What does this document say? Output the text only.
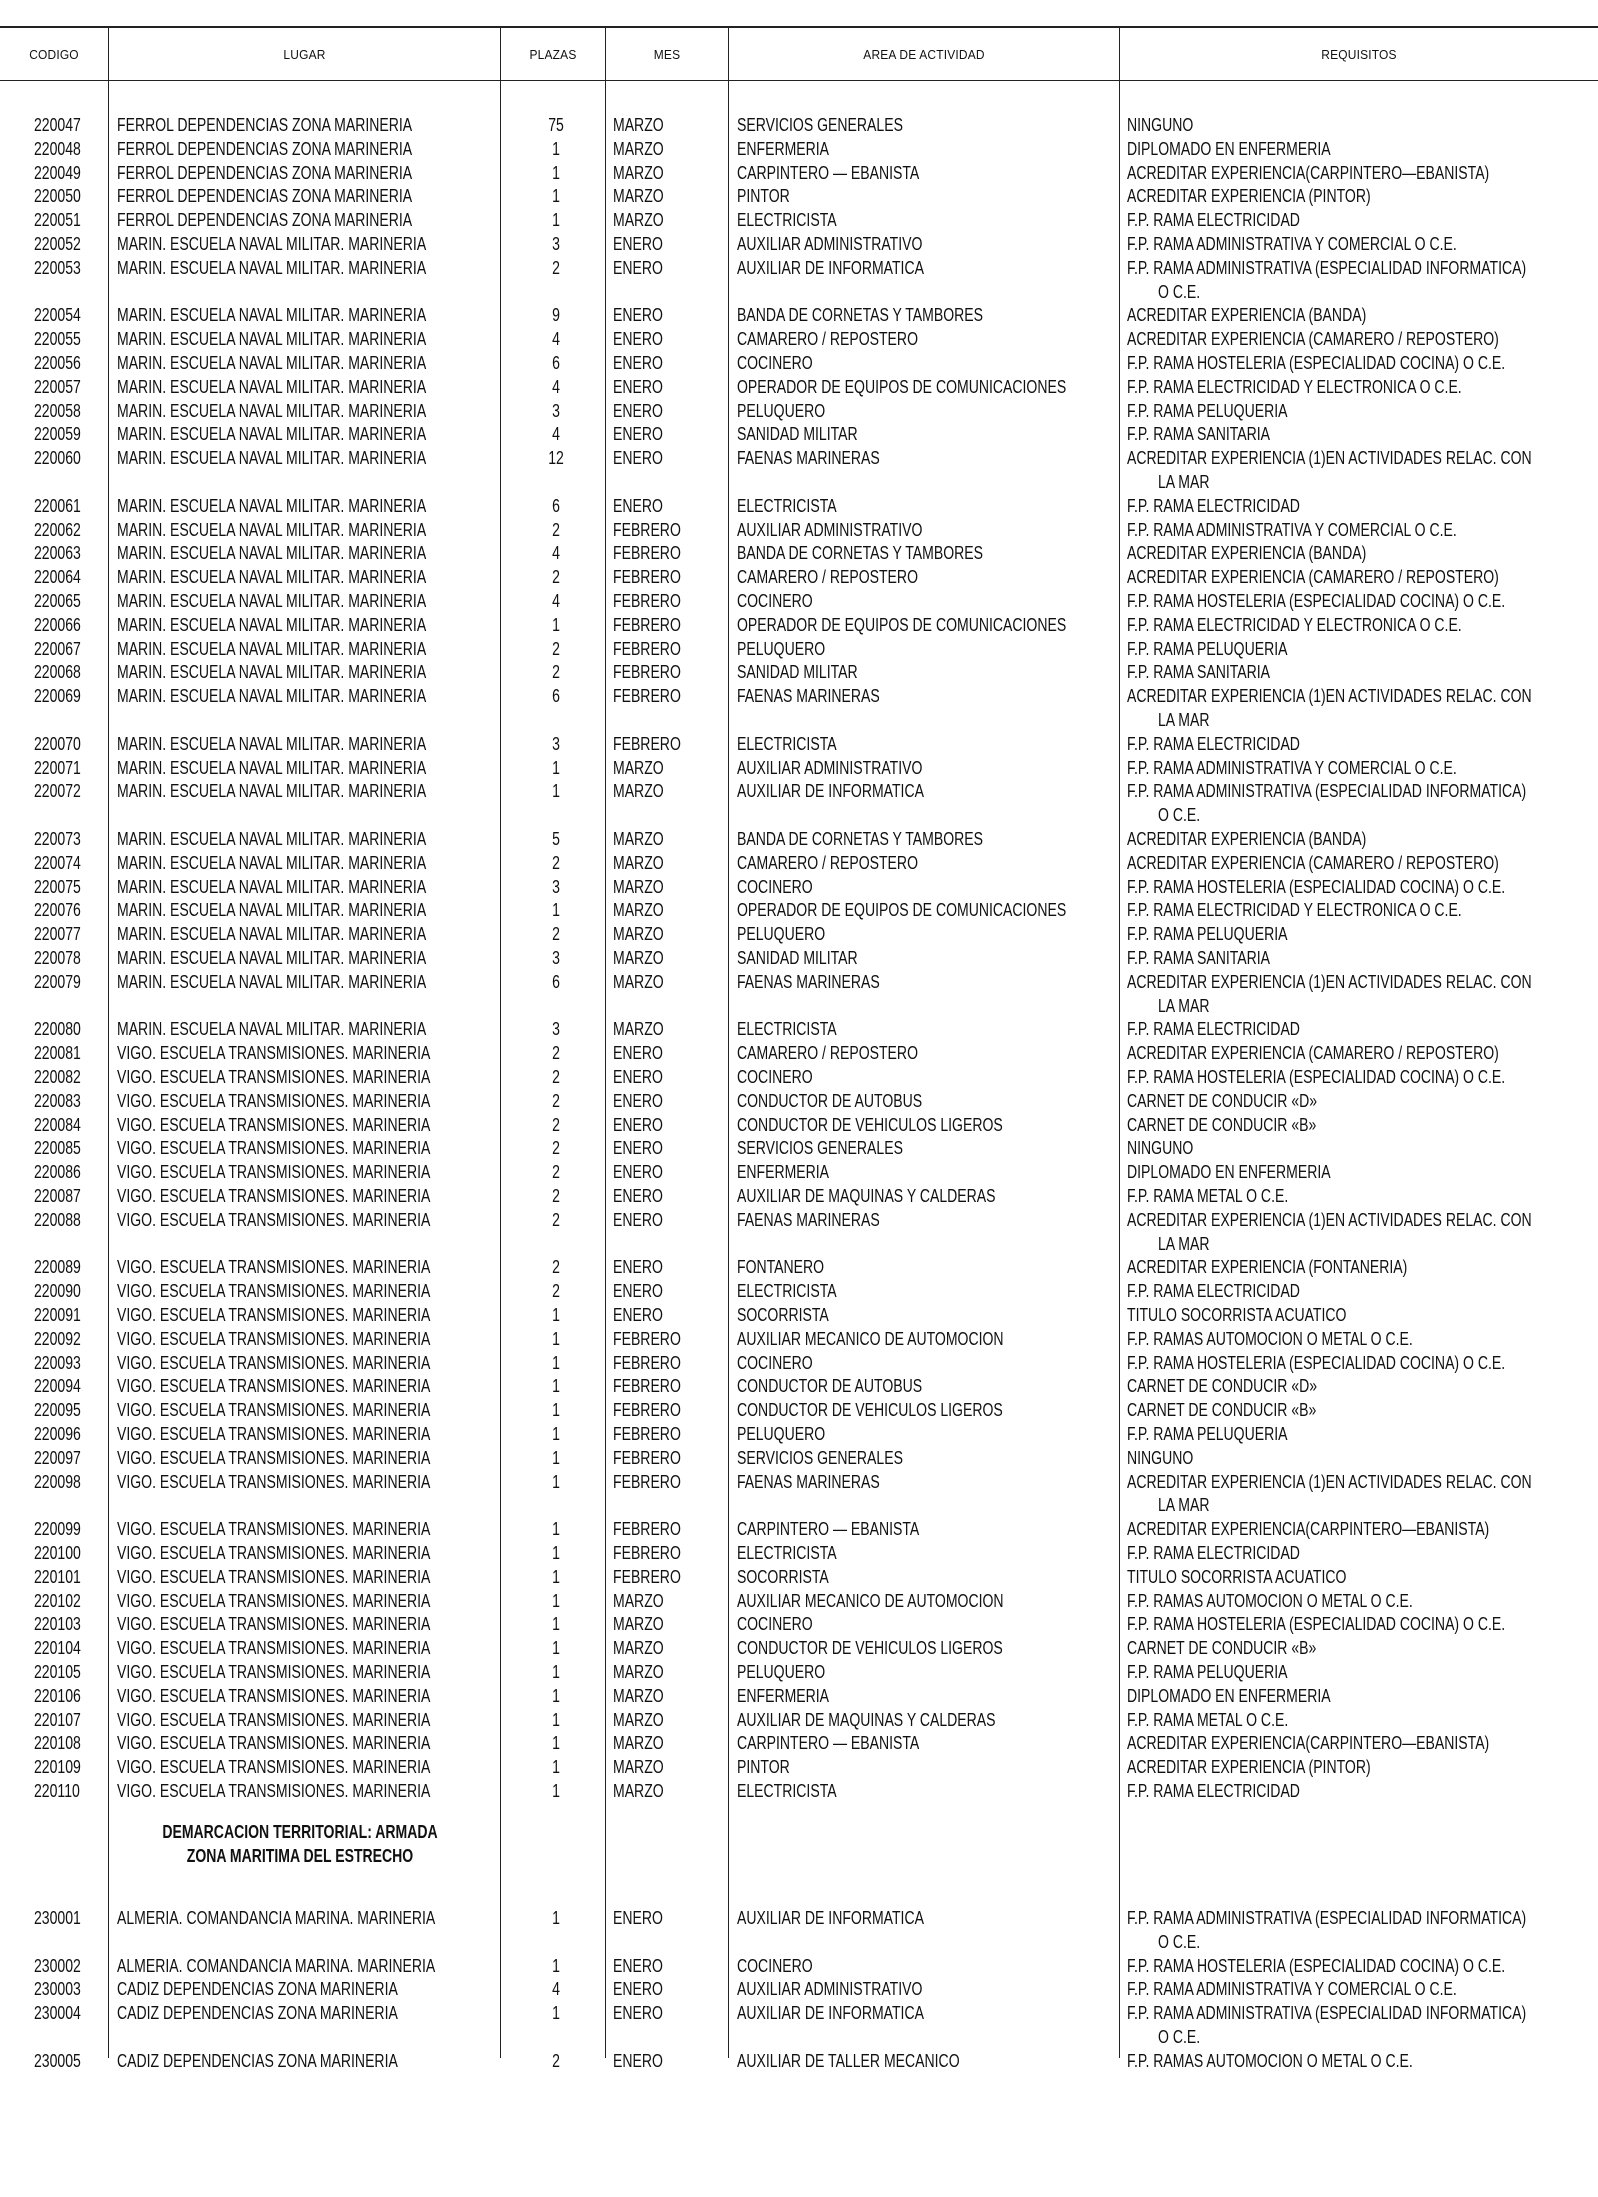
CODIGO	LUGAR	PLAZAS	MES	AREA DE ACTIVIDAD	REQUISITOS
220047	FERROL DEPENDENCIAS ZONA MARINERIA	75	MARZO	SERVICIOS GENERALES	NINGUNO
220048	FERROL DEPENDENCIAS ZONA MARINERIA	1	MARZO	ENFERMERIA	DIPLOMADO EN ENFERMERIA
220049	FERROL DEPENDENCIAS ZONA MARINERIA	1	MARZO	CARPINTERO — EBANISTA	ACREDITAR EXPERIENCIA(CARPINTERO—EBANISTA)
220050	FERROL DEPENDENCIAS ZONA MARINERIA	1	MARZO	PINTOR	ACREDITAR EXPERIENCIA (PINTOR)
220051	FERROL DEPENDENCIAS ZONA MARINERIA	1	MARZO	ELECTRICISTA	F.P. RAMA ELECTRICIDAD
220052	MARIN. ESCUELA NAVAL MILITAR. MARINERIA	3	ENERO	AUXILIAR ADMINISTRATIVO	F.P. RAMA ADMINISTRATIVA Y COMERCIAL O C.E.
220053	MARIN. ESCUELA NAVAL MILITAR. MARINERIA	2	ENERO	AUXILIAR DE INFORMATICA	F.P. RAMA ADMINISTRATIVA (ESPECIALIDAD INFORMATICA)
O C.E.
220054	MARIN. ESCUELA NAVAL MILITAR. MARINERIA	9	ENERO	BANDA DE CORNETAS Y TAMBORES	ACREDITAR EXPERIENCIA (BANDA)
220055	MARIN. ESCUELA NAVAL MILITAR. MARINERIA	4	ENERO	CAMARERO / REPOSTERO	ACREDITAR EXPERIENCIA (CAMARERO / REPOSTERO)
220056	MARIN. ESCUELA NAVAL MILITAR. MARINERIA	6	ENERO	COCINERO	F.P. RAMA HOSTELERIA (ESPECIALIDAD COCINA) O C.E.
220057	MARIN. ESCUELA NAVAL MILITAR. MARINERIA	4	ENERO	OPERADOR DE EQUIPOS DE COMUNICACIONES	F.P. RAMA ELECTRICIDAD Y ELECTRONICA O C.E.
220058	MARIN. ESCUELA NAVAL MILITAR. MARINERIA	3	ENERO	PELUQUERO	F.P. RAMA PELUQUERIA
220059	MARIN. ESCUELA NAVAL MILITAR. MARINERIA	4	ENERO	SANIDAD MILITAR	F.P. RAMA SANITARIA
220060	MARIN. ESCUELA NAVAL MILITAR. MARINERIA	12	ENERO	FAENAS MARINERAS	ACREDITAR EXPERIENCIA (1)EN ACTIVIDADES RELAC. CON
LA MAR
220061	MARIN. ESCUELA NAVAL MILITAR. MARINERIA	6	ENERO	ELECTRICISTA	F.P. RAMA ELECTRICIDAD
220062	MARIN. ESCUELA NAVAL MILITAR. MARINERIA	2	FEBRERO	AUXILIAR ADMINISTRATIVO	F.P. RAMA ADMINISTRATIVA Y COMERCIAL O C.E.
220063	MARIN. ESCUELA NAVAL MILITAR. MARINERIA	4	FEBRERO	BANDA DE CORNETAS Y TAMBORES	ACREDITAR EXPERIENCIA (BANDA)
220064	MARIN. ESCUELA NAVAL MILITAR. MARINERIA	2	FEBRERO	CAMARERO / REPOSTERO	ACREDITAR EXPERIENCIA (CAMARERO / REPOSTERO)
220065	MARIN. ESCUELA NAVAL MILITAR. MARINERIA	4	FEBRERO	COCINERO	F.P. RAMA HOSTELERIA (ESPECIALIDAD COCINA) O C.E.
220066	MARIN. ESCUELA NAVAL MILITAR. MARINERIA	1	FEBRERO	OPERADOR DE EQUIPOS DE COMUNICACIONES	F.P. RAMA ELECTRICIDAD Y ELECTRONICA O C.E.
220067	MARIN. ESCUELA NAVAL MILITAR. MARINERIA	2	FEBRERO	PELUQUERO	F.P. RAMA PELUQUERIA
220068	MARIN. ESCUELA NAVAL MILITAR. MARINERIA	2	FEBRERO	SANIDAD MILITAR	F.P. RAMA SANITARIA
220069	MARIN. ESCUELA NAVAL MILITAR. MARINERIA	6	FEBRERO	FAENAS MARINERAS	ACREDITAR EXPERIENCIA (1)EN ACTIVIDADES RELAC. CON
LA MAR
220070	MARIN. ESCUELA NAVAL MILITAR. MARINERIA	3	FEBRERO	ELECTRICISTA	F.P. RAMA ELECTRICIDAD
220071	MARIN. ESCUELA NAVAL MILITAR. MARINERIA	1	MARZO	AUXILIAR ADMINISTRATIVO	F.P. RAMA ADMINISTRATIVA Y COMERCIAL O C.E.
220072	MARIN. ESCUELA NAVAL MILITAR. MARINERIA	1	MARZO	AUXILIAR DE INFORMATICA	F.P. RAMA ADMINISTRATIVA (ESPECIALIDAD INFORMATICA)
O C.E.
220073	MARIN. ESCUELA NAVAL MILITAR. MARINERIA	5	MARZO	BANDA DE CORNETAS Y TAMBORES	ACREDITAR EXPERIENCIA (BANDA)
220074	MARIN. ESCUELA NAVAL MILITAR. MARINERIA	2	MARZO	CAMARERO / REPOSTERO	ACREDITAR EXPERIENCIA (CAMARERO / REPOSTERO)
220075	MARIN. ESCUELA NAVAL MILITAR. MARINERIA	3	MARZO	COCINERO	F.P. RAMA HOSTELERIA (ESPECIALIDAD COCINA) O C.E.
220076	MARIN. ESCUELA NAVAL MILITAR. MARINERIA	1	MARZO	OPERADOR DE EQUIPOS DE COMUNICACIONES	F.P. RAMA ELECTRICIDAD Y ELECTRONICA O C.E.
220077	MARIN. ESCUELA NAVAL MILITAR. MARINERIA	2	MARZO	PELUQUERO	F.P. RAMA PELUQUERIA
220078	MARIN. ESCUELA NAVAL MILITAR. MARINERIA	3	MARZO	SANIDAD MILITAR	F.P. RAMA SANITARIA
220079	MARIN. ESCUELA NAVAL MILITAR. MARINERIA	6	MARZO	FAENAS MARINERAS	ACREDITAR EXPERIENCIA (1)EN ACTIVIDADES RELAC. CON
LA MAR
220080	MARIN. ESCUELA NAVAL MILITAR. MARINERIA	3	MARZO	ELECTRICISTA	F.P. RAMA ELECTRICIDAD
220081	VIGO. ESCUELA TRANSMISIONES. MARINERIA	2	ENERO	CAMARERO / REPOSTERO	ACREDITAR EXPERIENCIA (CAMARERO / REPOSTERO)
220082	VIGO. ESCUELA TRANSMISIONES. MARINERIA	2	ENERO	COCINERO	F.P. RAMA HOSTELERIA (ESPECIALIDAD COCINA) O C.E.
220083	VIGO. ESCUELA TRANSMISIONES. MARINERIA	2	ENERO	CONDUCTOR DE AUTOBUS	CARNET DE CONDUCIR «D»
220084	VIGO. ESCUELA TRANSMISIONES. MARINERIA	2	ENERO	CONDUCTOR DE VEHICULOS LIGEROS	CARNET DE CONDUCIR «B»
220085	VIGO. ESCUELA TRANSMISIONES. MARINERIA	2	ENERO	SERVICIOS GENERALES	NINGUNO
220086	VIGO. ESCUELA TRANSMISIONES. MARINERIA	2	ENERO	ENFERMERIA	DIPLOMADO EN ENFERMERIA
220087	VIGO. ESCUELA TRANSMISIONES. MARINERIA	2	ENERO	AUXILIAR DE MAQUINAS Y CALDERAS	F.P. RAMA METAL O C.E.
220088	VIGO. ESCUELA TRANSMISIONES. MARINERIA	2	ENERO	FAENAS MARINERAS	ACREDITAR EXPERIENCIA (1)EN ACTIVIDADES RELAC. CON
LA MAR
220089	VIGO. ESCUELA TRANSMISIONES. MARINERIA	2	ENERO	FONTANERO	ACREDITAR EXPERIENCIA (FONTANERIA)
220090	VIGO. ESCUELA TRANSMISIONES. MARINERIA	2	ENERO	ELECTRICISTA	F.P. RAMA ELECTRICIDAD
220091	VIGO. ESCUELA TRANSMISIONES. MARINERIA	1	ENERO	SOCORRISTA	TITULO SOCORRISTA ACUATICO
220092	VIGO. ESCUELA TRANSMISIONES. MARINERIA	1	FEBRERO	AUXILIAR MECANICO DE AUTOMOCION	F.P. RAMAS AUTOMOCION O METAL O C.E.
220093	VIGO. ESCUELA TRANSMISIONES. MARINERIA	1	FEBRERO	COCINERO	F.P. RAMA HOSTELERIA (ESPECIALIDAD COCINA) O C.E.
220094	VIGO. ESCUELA TRANSMISIONES. MARINERIA	1	FEBRERO	CONDUCTOR DE AUTOBUS	CARNET DE CONDUCIR «D»
220095	VIGO. ESCUELA TRANSMISIONES. MARINERIA	1	FEBRERO	CONDUCTOR DE VEHICULOS LIGEROS	CARNET DE CONDUCIR «B»
220096	VIGO. ESCUELA TRANSMISIONES. MARINERIA	1	FEBRERO	PELUQUERO	F.P. RAMA PELUQUERIA
220097	VIGO. ESCUELA TRANSMISIONES. MARINERIA	1	FEBRERO	SERVICIOS GENERALES	NINGUNO
220098	VIGO. ESCUELA TRANSMISIONES. MARINERIA	1	FEBRERO	FAENAS MARINERAS	ACREDITAR EXPERIENCIA (1)EN ACTIVIDADES RELAC. CON
LA MAR
220099	VIGO. ESCUELA TRANSMISIONES. MARINERIA	1	FEBRERO	CARPINTERO — EBANISTA	ACREDITAR EXPERIENCIA(CARPINTERO—EBANISTA)
220100	VIGO. ESCUELA TRANSMISIONES. MARINERIA	1	FEBRERO	ELECTRICISTA	F.P. RAMA ELECTRICIDAD
220101	VIGO. ESCUELA TRANSMISIONES. MARINERIA	1	FEBRERO	SOCORRISTA	TITULO SOCORRISTA ACUATICO
220102	VIGO. ESCUELA TRANSMISIONES. MARINERIA	1	MARZO	AUXILIAR MECANICO DE AUTOMOCION	F.P. RAMAS AUTOMOCION O METAL O C.E.
220103	VIGO. ESCUELA TRANSMISIONES. MARINERIA	1	MARZO	COCINERO	F.P. RAMA HOSTELERIA (ESPECIALIDAD COCINA) O C.E.
220104	VIGO. ESCUELA TRANSMISIONES. MARINERIA	1	MARZO	CONDUCTOR DE VEHICULOS LIGEROS	CARNET DE CONDUCIR «B»
220105	VIGO. ESCUELA TRANSMISIONES. MARINERIA	1	MARZO	PELUQUERO	F.P. RAMA PELUQUERIA
220106	VIGO. ESCUELA TRANSMISIONES. MARINERIA	1	MARZO	ENFERMERIA	DIPLOMADO EN ENFERMERIA
220107	VIGO. ESCUELA TRANSMISIONES. MARINERIA	1	MARZO	AUXILIAR DE MAQUINAS Y CALDERAS	F.P. RAMA METAL O C.E.
220108	VIGO. ESCUELA TRANSMISIONES. MARINERIA	1	MARZO	CARPINTERO — EBANISTA	ACREDITAR EXPERIENCIA(CARPINTERO—EBANISTA)
220109	VIGO. ESCUELA TRANSMISIONES. MARINERIA	1	MARZO	PINTOR	ACREDITAR EXPERIENCIA (PINTOR)
220110	VIGO. ESCUELA TRANSMISIONES. MARINERIA	1	MARZO	ELECTRICISTA	F.P. RAMA ELECTRICIDAD
230001	ALMERIA. COMANDANCIA MARINA. MARINERIA	1	ENERO	AUXILIAR DE INFORMATICA	F.P. RAMA ADMINISTRATIVA (ESPECIALIDAD INFORMATICA)
O C.E.
230002	ALMERIA. COMANDANCIA MARINA. MARINERIA	1	ENERO	COCINERO	F.P. RAMA HOSTELERIA (ESPECIALIDAD COCINA) O C.E.
230003	CADIZ DEPENDENCIAS ZONA MARINERIA	4	ENERO	AUXILIAR ADMINISTRATIVO	F.P. RAMA ADMINISTRATIVA Y COMERCIAL O C.E.
230004	CADIZ DEPENDENCIAS ZONA MARINERIA	1	ENERO	AUXILIAR DE INFORMATICA	F.P. RAMA ADMINISTRATIVA (ESPECIALIDAD INFORMATICA)
O C.E.
230005	CADIZ DEPENDENCIAS ZONA MARINERIA	2	ENERO	AUXILIAR DE TALLER MECANICO	F.P. RAMAS AUTOMOCION O METAL O C.E.
DEMARCACION TERRITORIAL: ARMADA
ZONA MARITIMA DEL ESTRECHO
